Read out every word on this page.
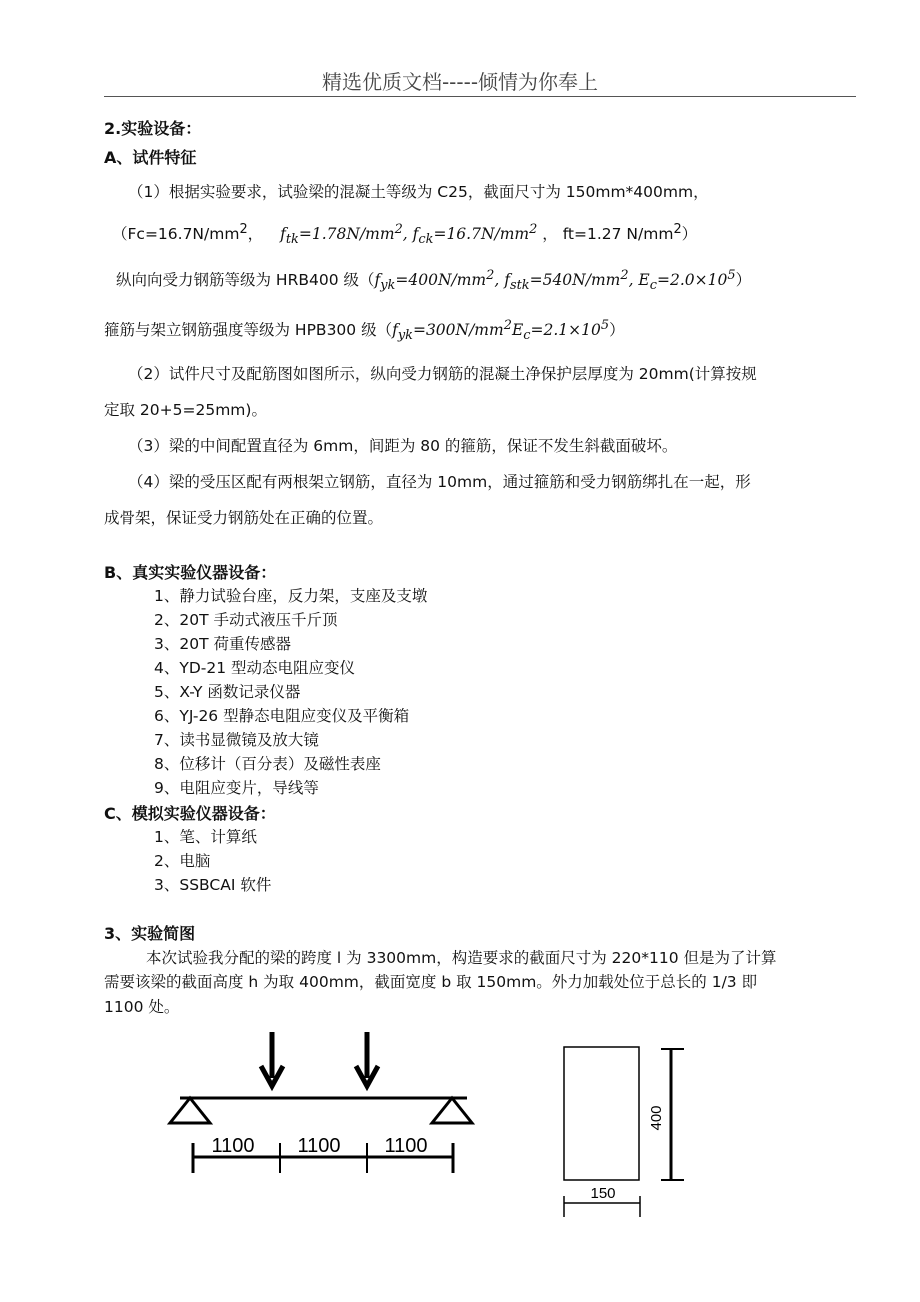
精选优质文档-----倾情为你奉上
2.实验设备：
A、试件特征
（1）根据实验要求，试验梁的混凝土等级为 C25，截面尺寸为 150mm*400mm，
（$Fc=16.7N/mm^2$， $f_{tk}=1.78N/mm^2$, $f_{ck}=16.7N/mm^2$ ， ft=1.27 $N/mm^2$）
纵向向受力钢筋等级为 HRB400 级（$f_{yk}=400N/mm^2$, $f_{stk}=540N/mm^2$, $E_c=2.0\times 10^5$）
箍筋与架立钢筋强度等级为 HPB300 级$(f_{yk}=300N/mm^2E_c=2.1\times 10^5)$
（2）试件尺寸及配筋图如图所示，纵向受力钢筋的混凝土净保护层厚度为 20mm(计算按规
定取 20+5=25mm)。
（3）梁的中间配置直径为 6mm，间距为 80 的箍筋，保证不发生斜截面破坏。
（4）梁的受压区配有两根架立钢筋，直径为 10mm，通过箍筋和受力钢筋绑扎在一起，形
成骨架，保证受力钢筋处在正确的位置。
B、真实实验仪器设备：
1、静力试验台座，反力架，支座及支墩
2、20T 手动式液压千斤顶
3、20T 荷重传感器
4、YD-21 型动态电阻应变仪
5、X-Y 函数记录仪器
6、YJ-26 型静态电阻应变仪及平衡箱
7、读书显微镜及放大镜
8、位移计（百分表）及磁性表座
9、电阻应变片，导线等
C、模拟实验仪器设备：
1、笔、计算纸
2、电脑
3、SSBCAI 软件
3、实验简图
本次试验我分配的梁的跨度 l 为 3300mm，构造要求的截面尺寸为 220*110 但是为了计算
需要该梁的截面高度 h 为取 400mm，截面宽度 b 取 150mm。外力加载处位于总长的 1/3 即
1100 处。
1100 1100 1100
400
150
